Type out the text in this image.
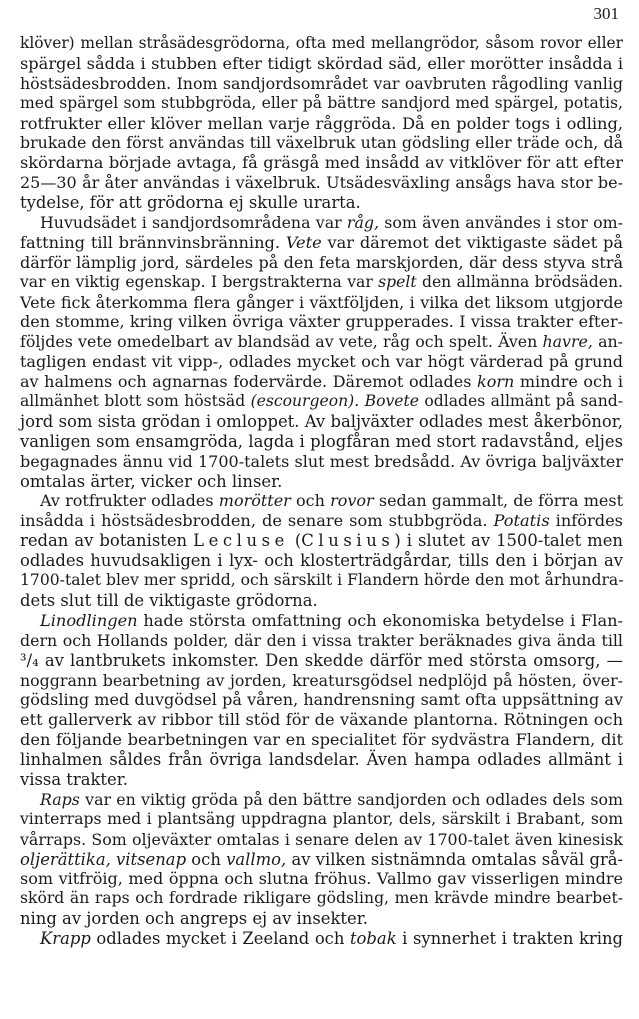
301
klöver) mellan stråsädesgrödorna, ofta med mellangrödor, såsom rovor eller
spärgel sådda i stubben efter tidigt skördad säd, eller morötter insådda i
höstsädesbrodden. Inom sandjordsområdet var oavbruten rågodling vanlig
med spärgel som stubbgröda, eller på bättre sandjord med spärgel, potatis,
rotfrukter eller klöver mellan varje råggröda. Då en polder togs i odling,
brukade den först användas till växelbruk utan gödsling eller träde och, då
skördarna började avtaga, få gräsgå med insådd av vitklöver för att efter
25—30 år åter användas i växelbruk. Utsädesväxling ansågs hava stor be-
tydelse, för att grödorna ej skulle urarta.
Huvudsädet i sandjordsområdena var råg, som även användes i stor om-
fattning till brännvinsbränning. Vete var däremot det viktigaste sädet på
därför lämplig jord, särdeles på den feta marskjorden, där dess styva strå
var en viktig egenskap. I bergstrakterna var spelt den allmänna brödsäden.
Vete fick återkomma flera gånger i växtföljden, i vilka det liksom utgjorde
den stomme, kring vilken övriga växter grupperades. I vissa trakter efter-
följdes vete omedelbart av blandsäd av vete, råg och spelt. Även havre, an-
tagligen endast vit vipp-, odlades mycket och var högt värderad på grund
av halmens och agnarnas fodervärde. Däremot odlades korn mindre och i
allmänhet blott som höstsäd (escourgeon). Bovete odlades allmänt på sand-
jord som sista grödan i omloppet. Av baljväxter odlades mest åkerbönor,
vanligen som ensamgröda, lagda i plogfåran med stort radavstånd, eljes
begagnades ännu vid 1700-talets slut mest bredsådd. Av övriga baljväxter
omtalas ärter, vicker och linser.
Av rotfrukter odlades morötter och rovor sedan gammalt, de förra mest
insådda i höstsädesbrodden, de senare som stubbgröda. Potatis infördes
redan av botanisten Lecluse (Clusius) i slutet av 1500-talet men
odlades huvudsakligen i lyx- och klosterträdgårdar, tills den i början av
1700-talet blev mer spridd, och särskilt i Flandern hörde den mot århundra-
dets slut till de viktigaste grödorna.
Linodlingen hade största omfattning och ekonomiska betydelse i Flan-
dern och Hollands polder, där den i vissa trakter beräknades giva ända till
³/₄ av lantbrukets inkomster. Den skedde därför med största omsorg, —
noggrann bearbetning av jorden, kreatursgödsel nedplöjd på hösten, över-
gödsling med duvgödsel på våren, handrensning samt ofta uppsättning av
ett gallerverk av ribbor till stöd för de växande plantorna. Rötningen och
den följande bearbetningen var en specialitet för sydvästra Flandern, dit
linhalmen såldes från övriga landsdelar. Även hampa odlades allmänt i
vissa trakter.
Raps var en viktig gröda på den bättre sandjorden och odlades dels som
vinterraps med i plantsäng uppdragna plantor, dels, särskilt i Brabant, som
vårraps. Som oljeväxter omtalas i senare delen av 1700-talet även kinesisk
oljerättika, vitsenap och vallmo, av vilken sistnämnda omtalas såväl grå-
som vitfröig, med öppna och slutna fröhus. Vallmo gav visserligen mindre
skörd än raps och fordrade rikligare gödsling, men krävde mindre bearbet-
ning av jorden och angreps ej av insekter.
Krapp odlades mycket i Zeeland och tobak i synnerhet i trakten kring
